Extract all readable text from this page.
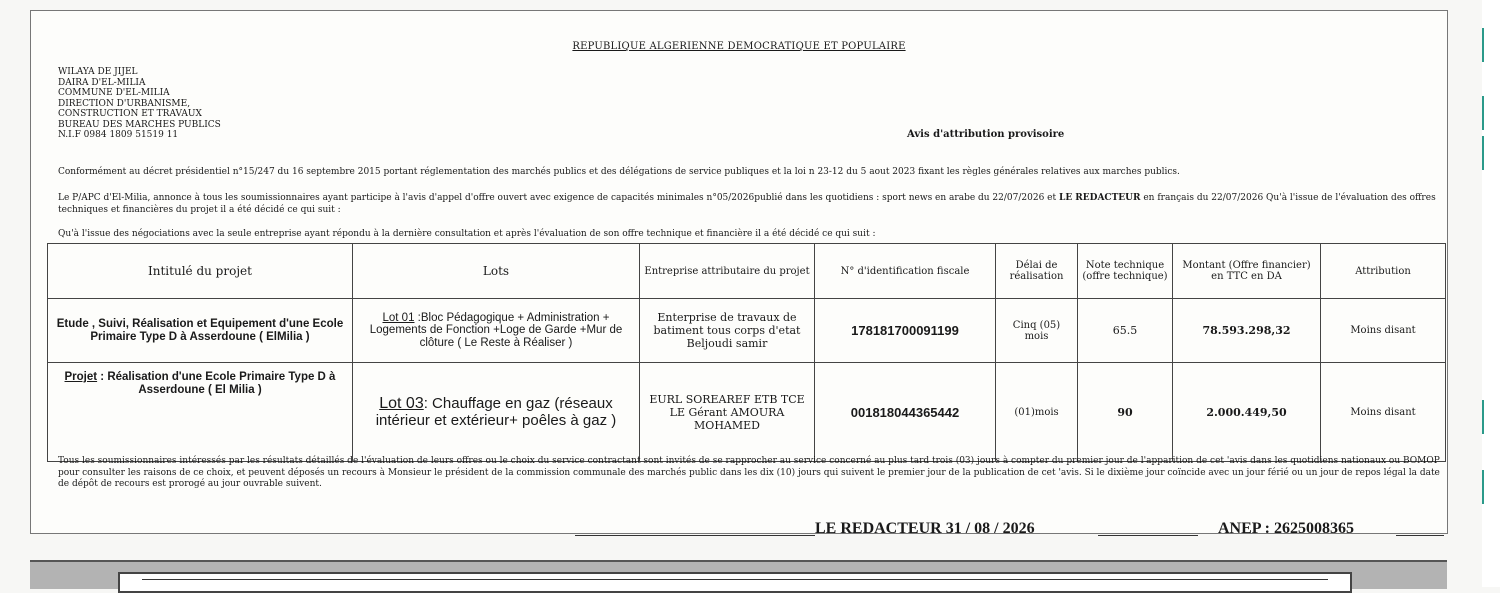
REPUBLIQUE ALGERIENNE DEMOCRATIQUE ET POPULAIRE
WILAYA DE JIJEL
DAIRA D'EL-MILIA
COMMUNE D'EL-MILIA
DIRECTION D'URBANISME,
CONSTRUCTION ET TRAVAUX
BUREAU DES MARCHES PUBLICS
N.I.F 0984 1809 51519 11	Avis d'attribution provisoire
Conformément au décret présidentiel n°15/247 du 16 septembre 2015 portant réglementation des marchés publics et des délégations de service publiques et la loi n 23-12 du 5 aout 2023 fixant les règles générales relatives aux marches publics.
Le P/APC d'El-Milia, annonce à tous les soumissionnaires ayant participe à l'avis d'appel d'offre ouvert avec exigence de capacités minimales n°05/2026publié dans les quotidiens : sport news en arabe du 22/07/2026 et LE REDACTEUR en français du 22/07/2026 Qu'à l'issue de l'évaluation des offres techniques et financières du projet il a été décidé ce qui suit :
Qu'à l'issue des négociations avec la seule entreprise ayant répondu à la dernière consultation et après l'évaluation de son offre technique et financière il a été décidé ce qui suit :
Intitulé du projet	Lots	Entreprise attributaire du projet	N° d'identification fiscale	Délai de réalisation	Note technique (offre technique)	Montant (Offre financier) en TTC en DA	Attribution
Etude , Suivi, Réalisation et Equipement d'une Ecole Primaire Type D à Asserdoune ( ElMilia )	Lot 01 :Bloc Pédagogique + Administration + Logements de Fonction +Loge de Garde +Mur de clôture ( Le Reste à Réaliser )	Enterprise de travaux de batiment tous corps d'etat Beljoudi samir	178181700091199	Cinq (05) mois	65.5	78.593.298,32	Moins disant
Projet : Réalisation d'une Ecole Primaire Type D à Asserdoune ( El Milia )	Lot 03: Chauffage en gaz (réseaux intérieur et extérieur+ poêles à gaz )	EURL SOREAREF ETB TCE LE Gérant AMOURA MOHAMED	001818044365442	(01)mois	90	2.000.449,50	Moins disant
Tous les soumissionnaires intéressés par les résultats détaillés de l'évaluation de leurs offres ou le choix du service contractant sont invités de se rapprocher au service concerné au plus tard trois (03) jours à compter du premier jour de l'apparition de cet 'avis dans les quotidiens nationaux ou BOMOP pour consulter les raisons de ce choix, et peuvent déposés un recours à Monsieur le président de la commission communale des marchés public dans les dix (10) jours qui suivent le premier jour de la publication de cet 'avis. Si le dixième jour coïncide avec un jour férié ou un jour de repos légal la date de dépôt de recours est prorogé au jour ouvrable suivent.
LE REDACTEUR 31 / 08 / 2026	ANEP : 2625008365
